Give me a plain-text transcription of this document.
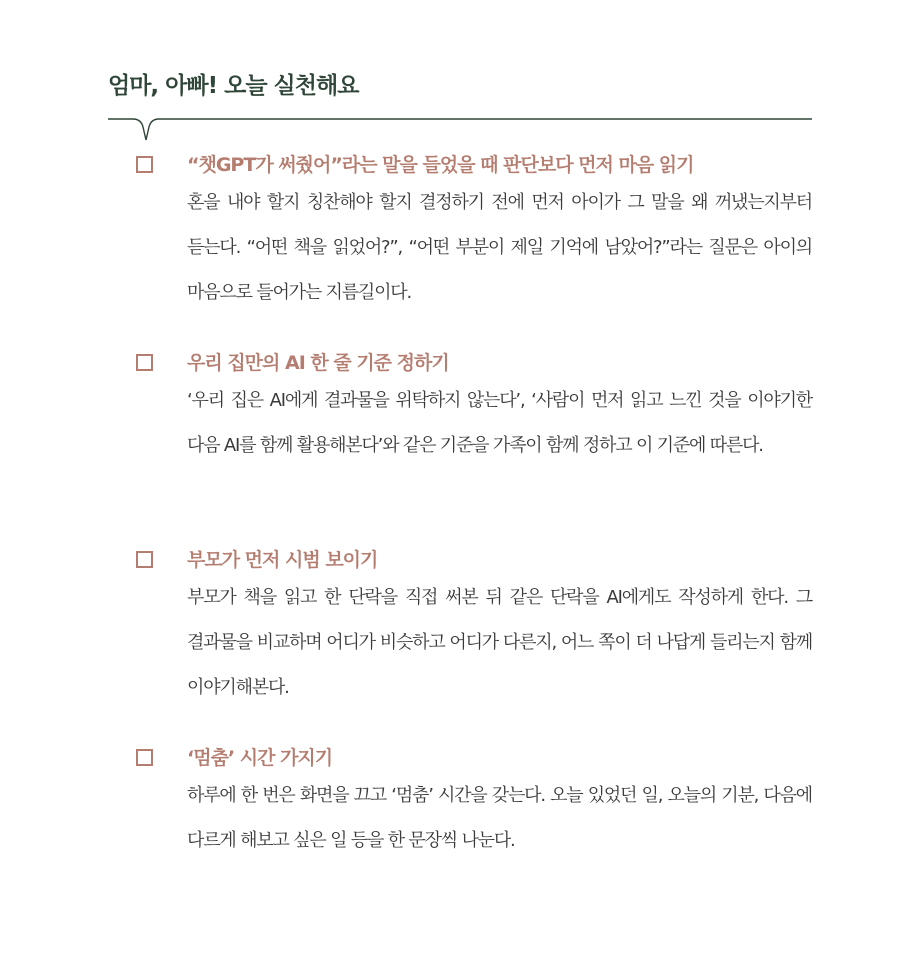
엄마, 아빠! 오늘 실천해요
“챗GPT가 써줬어”라는 말을 들었을 때 판단보다 먼저 마음 읽기

혼을 내야 할지 칭찬해야 할지 결정하기 전에 먼저 아이가 그 말을 왜 꺼냈는지부터 듣는다. “어떤 책을 읽었어?”, “어떤 부분이 제일 기억에 남았어?”라는 질문은 아이의 마음으로 들어가는 지름길이다.

우리 집만의 AI 한 줄 기준 정하기

‘우리 집은 AI에게 결과물을 위탁하지 않는다’, ‘사람이 먼저 읽고 느낀 것을 이야기한 다음 AI를 함께 활용해본다’와 같은 기준을 가족이 함께 정하고 이 기준에 따른다.

부모가 먼저 시범 보이기

부모가 책을 읽고 한 단락을 직접 써본 뒤 같은 단락을 AI에게도 작성하게 한다. 그 결과물을 비교하며 어디가 비슷하고 어디가 다른지, 어느 쪽이 더 나답게 들리는지 함께 이야기해본다.

‘멈춤’ 시간 가지기

하루에 한 번은 화면을 끄고 ‘멈춤’ 시간을 갖는다. 오늘 있었던 일, 오늘의 기분, 다음에 다르게 해보고 싶은 일 등을 한 문장씩 나눈다.
